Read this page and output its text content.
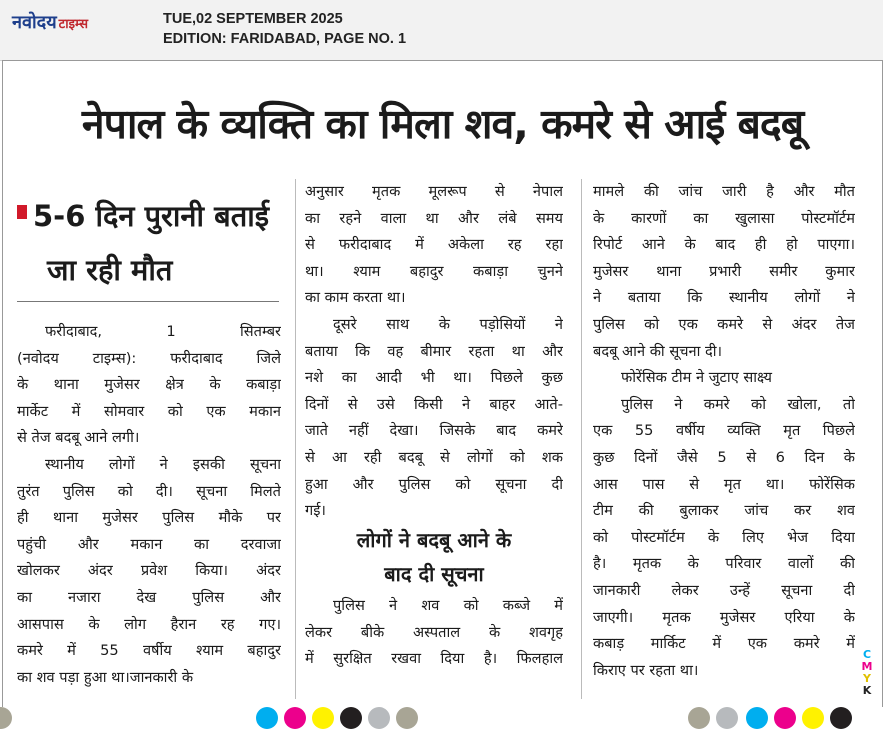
नवोदय टाइम्स	TUE,02 SEPTEMBER 2025
EDITION: FARIDABAD, PAGE NO. 1
नेपाल के व्यक्ति का मिला शव, कमरे से आई बदबू
5-6 दिन पुरानी बताई
जा रही मौत
फरीदाबाद, 1 सितम्बर
(नवोदय टाइम्स): फरीदाबाद जिले
के थाना मुजेसर क्षेत्र के कबाड़ा
मार्केट में सोमवार को एक मकान
से तेज बदबू आने लगी।
स्थानीय लोगों ने इसकी सूचना
तुरंत पुलिस को दी। सूचना मिलते
ही थाना मुजेसर पुलिस मौके पर
पहुंची और मकान का दरवाजा
खोलकर अंदर प्रवेश किया। अंदर
का नजारा देख पुलिस और
आसपास के लोग हैरान रह गए।
कमरे में 55 वर्षीय श्याम बहादुर
का शव पड़ा हुआ था।जानकारी के
अनुसार मृतक मूलरूप से नेपाल
का रहने वाला था और लंबे समय
से फरीदाबाद में अकेला रह रहा
था। श्याम बहादुर कबाड़ा चुनने
का काम करता था।
दूसरे साथ के पड़ोसियों ने
बताया कि वह बीमार रहता था और
नशे का आदी भी था। पिछले कुछ
दिनों से उसे किसी ने बाहर आते-
जाते नहीं देखा। जिसके बाद कमरे
से आ रही बदबू से लोगों को शक
हुआ और पुलिस को सूचना दी
गई।
लोगों ने बदबू आने के
बाद दी सूचना
पुलिस ने शव को कब्जे में
लेकर बीके अस्पताल के शवगृह
में सुरक्षित रखवा दिया है। फिलहाल
मामले की जांच जारी है और मौत
के कारणों का खुलासा पोस्टमॉर्टम
रिपोर्ट आने के बाद ही हो पाएगा।
मुजेसर थाना प्रभारी समीर कुमार
ने बताया कि स्थानीय लोगों ने
पुलिस को एक कमरे से अंदर तेज
बदबू आने की सूचना दी।
फोरेंसिक टीम ने जुटाए साक्ष्य
पुलिस ने कमरे को खोला, तो
एक 55 वर्षीय व्यक्ति मृत पिछले
कुछ दिनों जैसे 5 से 6 दिन के
आस पास से मृत था। फोरेंसिक
टीम की बुलाकर जांच कर शव
को पोस्टमॉर्टम के लिए भेज दिया
है। मृतक के परिवार वालों की
जानकारी लेकर उन्हें सूचना दी
जाएगी। मृतक मुजेसर एरिया के
कबाड़ मार्किट में एक कमरे में
किराए पर रहता था।
C
M
Y
K
